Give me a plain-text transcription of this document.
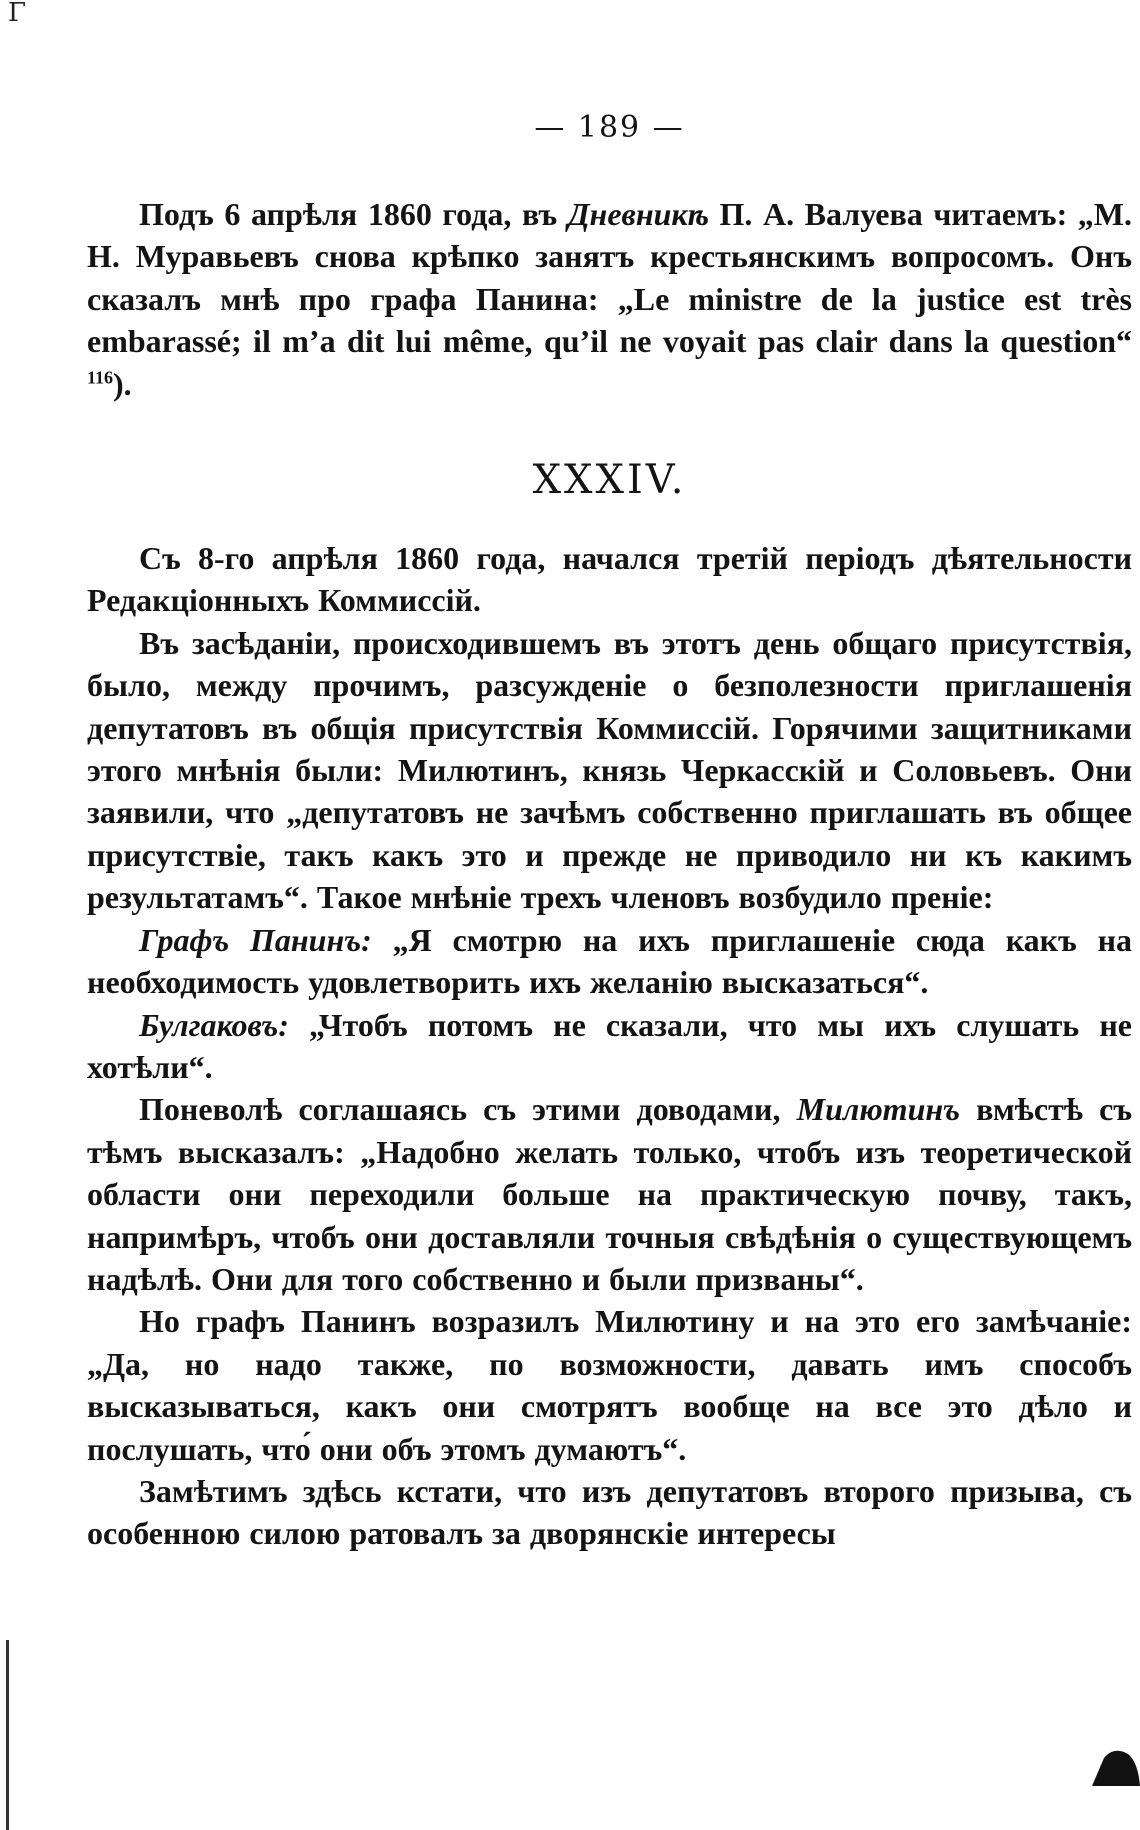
Γ
— 189 —

Подъ 6 апрѣля 1860 года, въ Дневникѣ П. А. Валуева читаемъ: „М. Н. Муравьевъ снова крѣпко занятъ крестьянскимъ вопросомъ. Онъ сказалъ мнѣ про графа Панина: „Le ministre de la justice est très embarassé; il m’a dit lui même, qu’il ne voyait pas clair dans la question“ $^{116}$).

XXXIV.

Съ 8-го апрѣля 1860 года, начался третій періодъ дѣятельности Редакціонныхъ Коммиссій.

Въ засѣданіи, происходившемъ въ этотъ день общаго присутствія, было, между прочимъ, разсужденіе о безполезности приглашенія депутатовъ въ общія присутствія Коммиссій. Горячими защитниками этого мнѣнія были: Милютинъ, князь Черкасскій и Соловьевъ. Они заявили, что „депутатовъ не зачѣмъ собственно приглашать въ общее присутствіе, такъ какъ это и прежде не приводило ни къ какимъ результатамъ“. Такое мнѣніе трехъ членовъ возбудило преніе:

Графъ Панинъ: „Я смотрю на ихъ приглашеніе сюда какъ на необходимость удовлетворить ихъ желанію высказаться“.

Булгаковъ: „Чтобъ потомъ не сказали, что мы ихъ слушать не хотѣли“.

Поневолѣ соглашаясь съ этими доводами, Милютинъ вмѣстѣ съ тѣмъ высказалъ: „Надобно желать только, чтобъ изъ теоретической области они переходили больше на практическую почву, такъ, напримѣръ, чтобъ они доставляли точныя свѣдѣнія о существующемъ надѣлѣ. Они для того собственно и были призваны“.

Но графъ Панинъ возразилъ Милютину и на это его замѣчаніе: „Да, но надо также, по возможности, давать имъ способъ высказываться, какъ они смотрятъ вообще на все это дѣло и послушать, что́ они объ этомъ думаютъ“.

Замѣтимъ здѣсь кстати, что изъ депутатовъ второго призыва, съ особенною силою ратовалъ за дворянскіе интересы
